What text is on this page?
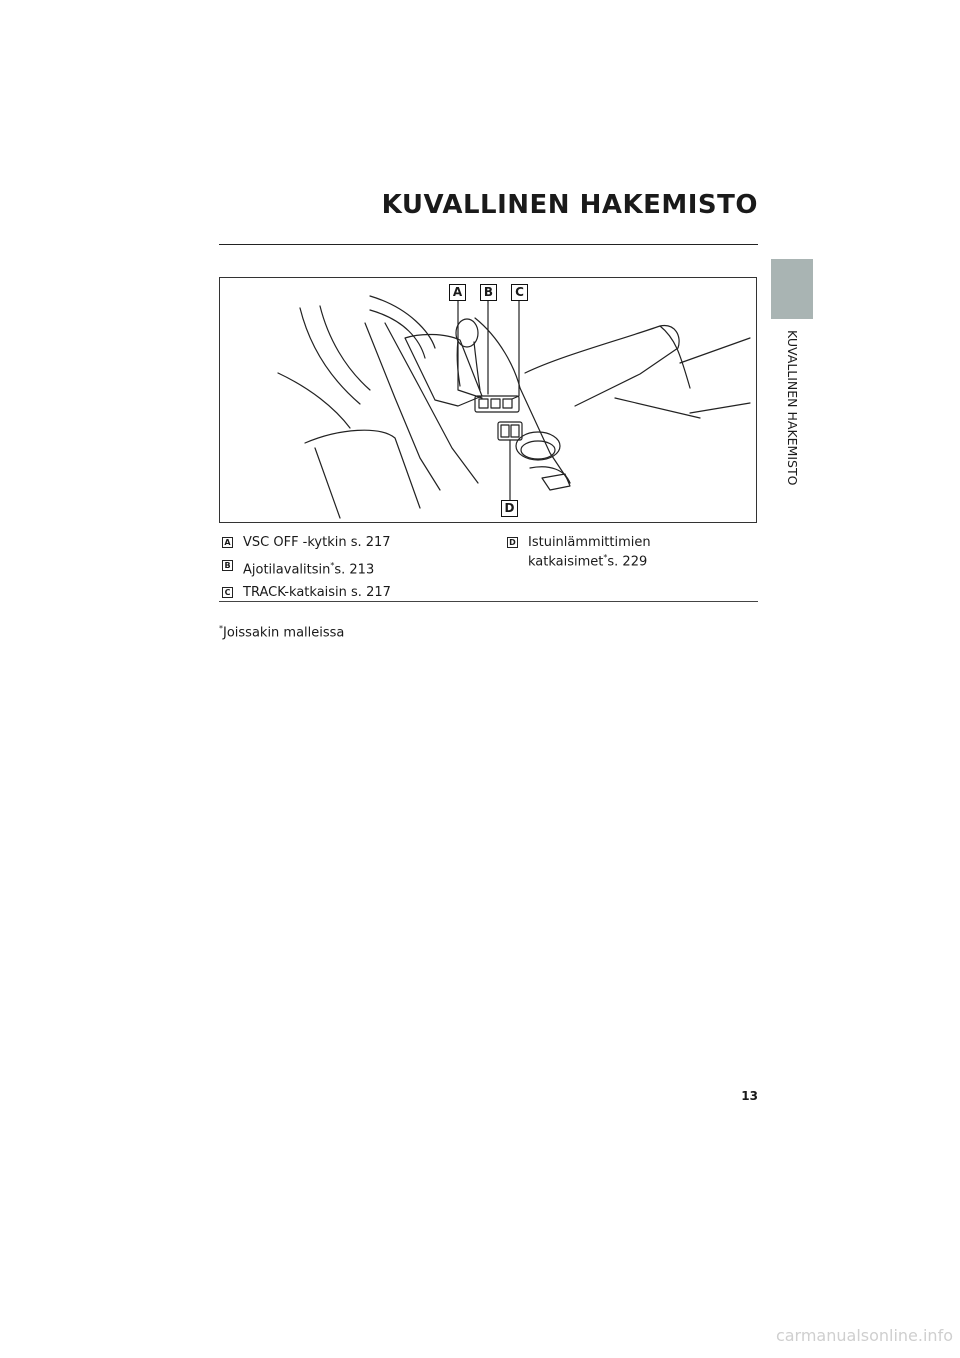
KUVALLINEN HAKEMISTO
KUVALLINEN HAKEMISTO
A	B	C
D
A VSC OFF -kytkin s. 217
B Ajotilavalitsin*s. 213
C TRACK-katkaisin s. 217
D Istuinlämmittimien
katkaisimet*s. 229
*Joissakin malleissa
13
carmanualsonline.info
